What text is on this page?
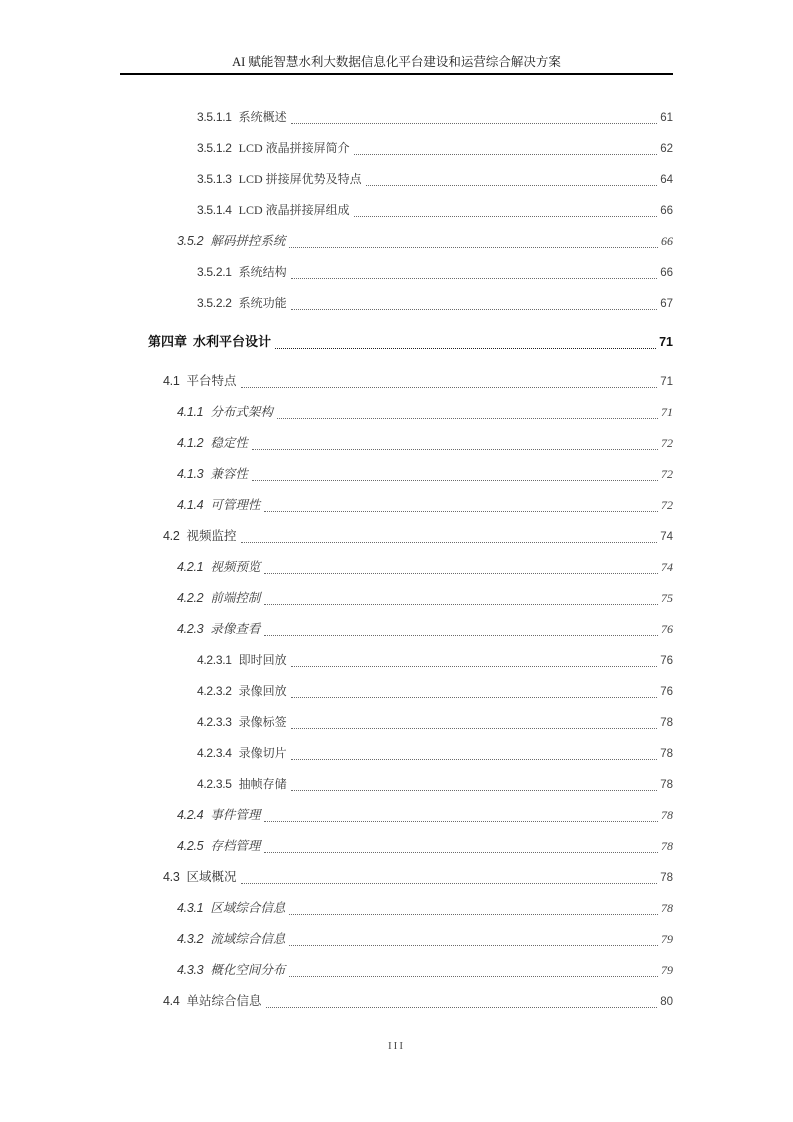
AI 赋能智慧水利大数据信息化平台建设和运营综合解决方案
3.5.1.1 系统概述	61
3.5.1.2 LCD 液晶拼接屏简介	62
3.5.1.3 LCD 拼接屏优势及特点	64
3.5.1.4 LCD 液晶拼接屏组成	66
3.5.2 解码拼控系统	66
3.5.2.1 系统结构	66
3.5.2.2 系统功能	67
第四章 水利平台设计	71
4.1 平台特点	71
4.1.1 分布式架构	71
4.1.2 稳定性	72
4.1.3 兼容性	72
4.1.4 可管理性	72
4.2 视频监控	74
4.2.1 视频预览	74
4.2.2 前端控制	75
4.2.3 录像查看	76
4.2.3.1 即时回放	76
4.2.3.2 录像回放	76
4.2.3.3 录像标签	78
4.2.3.4 录像切片	78
4.2.3.5 抽帧存储	78
4.2.4 事件管理	78
4.2.5 存档管理	78
4.3 区域概况	78
4.3.1 区域综合信息	78
4.3.2 流域综合信息	79
4.3.3 概化空间分布	79
4.4 单站综合信息	80
III
